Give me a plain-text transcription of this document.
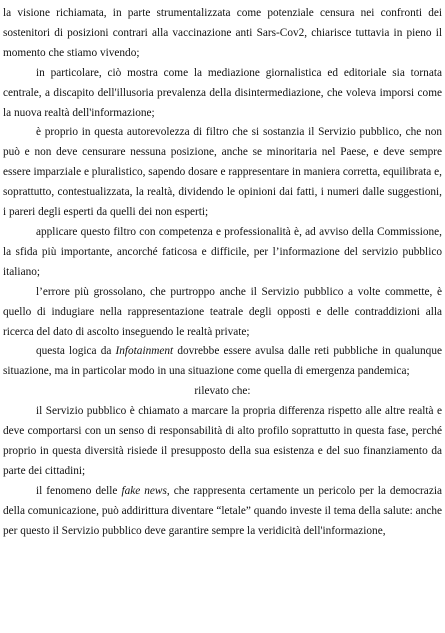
la visione richiamata, in parte strumentalizzata come potenziale censura nei confronti dei sostenitori di posizioni contrari alla vaccinazione anti Sars-Cov2, chiarisce tuttavia in pieno il momento che stiamo vivendo;

in particolare, ciò mostra come la mediazione giornalistica ed editoriale sia tornata centrale, a discapito dell'illusoria prevalenza della disintermediazione, che voleva imporsi come la nuova realtà dell'informazione;

è proprio in questa autorevolezza di filtro che si sostanzia il Servizio pubblico, che non può e non deve censurare nessuna posizione, anche se minoritaria nel Paese, e deve sempre essere imparziale e pluralistico, sapendo dosare e rappresentare in maniera corretta, equilibrata e, soprattutto, contestualizzata, la realtà, dividendo le opinioni dai fatti, i numeri dalle suggestioni, i pareri degli esperti da quelli dei non esperti;

applicare questo filtro con competenza e professionalità è, ad avviso della Commissione, la sfida più importante, ancorché faticosa e difficile, per l’informazione del servizio pubblico italiano;

l’errore più grossolano, che purtroppo anche il Servizio pubblico a volte commette, è quello di indugiare nella rappresentazione teatrale degli opposti e delle contraddizioni alla ricerca del dato di ascolto inseguendo le realtà private;

questa logica da Infotainment dovrebbe essere avulsa dalle reti pubbliche in qualunque situazione, ma in particolar modo in una situazione come quella di emergenza pandemica;

rilevato che:

il Servizio pubblico è chiamato a marcare la propria differenza rispetto alle altre realtà e deve comportarsi con un senso di responsabilità di alto profilo soprattutto in questa fase, perché proprio in questa diversità risiede il presupposto della sua esistenza e del suo finanziamento da parte dei cittadini;

il fenomeno delle fake news, che rappresenta certamente un pericolo per la democrazia della comunicazione, può addirittura diventare “letale” quando investe il tema della salute: anche per questo il Servizio pubblico deve garantire sempre la veridicità dell'informazione,
